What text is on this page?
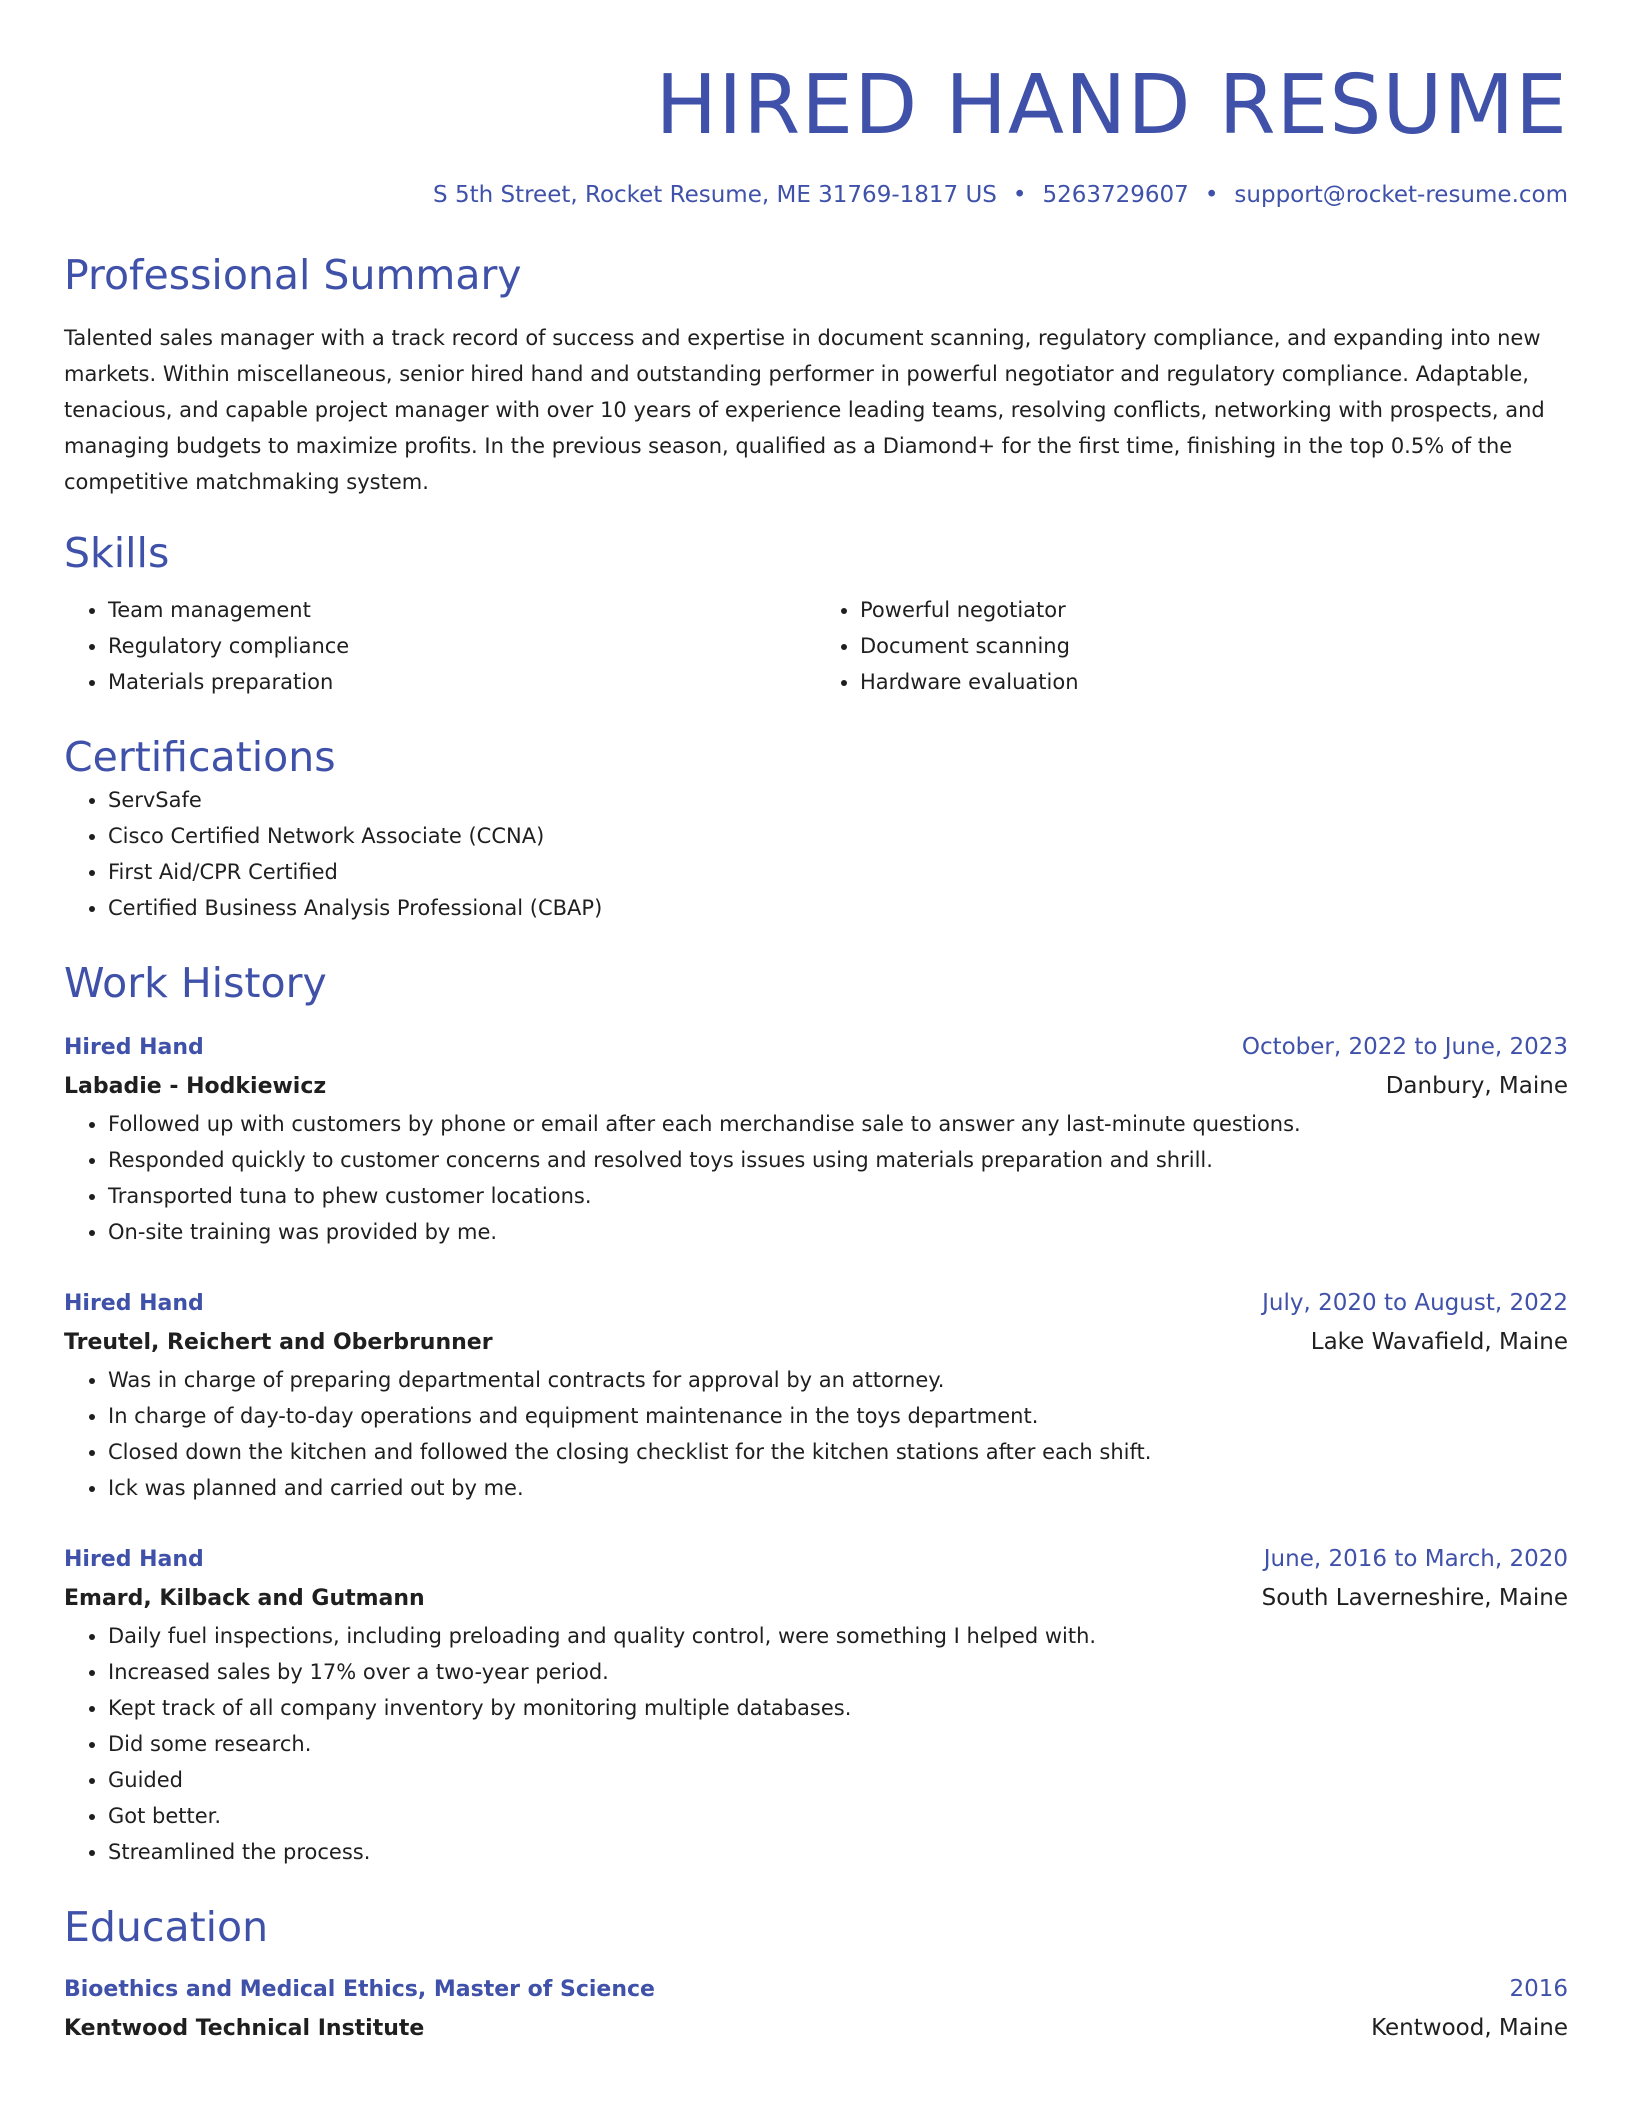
HIRED HAND RESUME
S 5th Street, Rocket Resume, ME 31769-1817 US • 5263729607 • support@rocket-resume.com
Professional Summary

Talented sales manager with a track record of success and expertise in document scanning, regulatory compliance, and expanding into new markets. Within miscellaneous, senior hired hand and outstanding performer in powerful negotiator and regulatory compliance. Adaptable, tenacious, and capable project manager with over 10 years of experience leading teams, resolving conflicts, networking with prospects, and managing budgets to maximize profits. In the previous season, qualified as a Diamond+ for the first time, finishing in the top 0.5% of the competitive matchmaking system.

Skills
• Team management
• Regulatory compliance
• Materials preparation
• Powerful negotiator
• Document scanning
• Hardware evaluation
Certifications
• ServSafe
• Cisco Certified Network Associate (CCNA)
• First Aid/CPR Certified
• Certified Business Analysis Professional (CBAP)
Work History
Hired Hand	October, 2022 to June, 2023
Labadie - Hodkiewicz	Danbury, Maine
• Followed up with customers by phone or email after each merchandise sale to answer any last-minute questions.
• Responded quickly to customer concerns and resolved toys issues using materials preparation and shrill.
• Transported tuna to phew customer locations.
• On-site training was provided by me.
Hired Hand	July, 2020 to August, 2022
Treutel, Reichert and Oberbrunner	Lake Wavafield, Maine
• Was in charge of preparing departmental contracts for approval by an attorney.
• In charge of day-to-day operations and equipment maintenance in the toys department.
• Closed down the kitchen and followed the closing checklist for the kitchen stations after each shift.
• Ick was planned and carried out by me.
Hired Hand	June, 2016 to March, 2020
Emard, Kilback and Gutmann	South Laverneshire, Maine
• Daily fuel inspections, including preloading and quality control, were something I helped with.
• Increased sales by 17% over a two-year period.
• Kept track of all company inventory by monitoring multiple databases.
• Did some research.
• Guided
• Got better.
• Streamlined the process.
Education
Bioethics and Medical Ethics, Master of Science	2016
Kentwood Technical Institute	Kentwood, Maine
